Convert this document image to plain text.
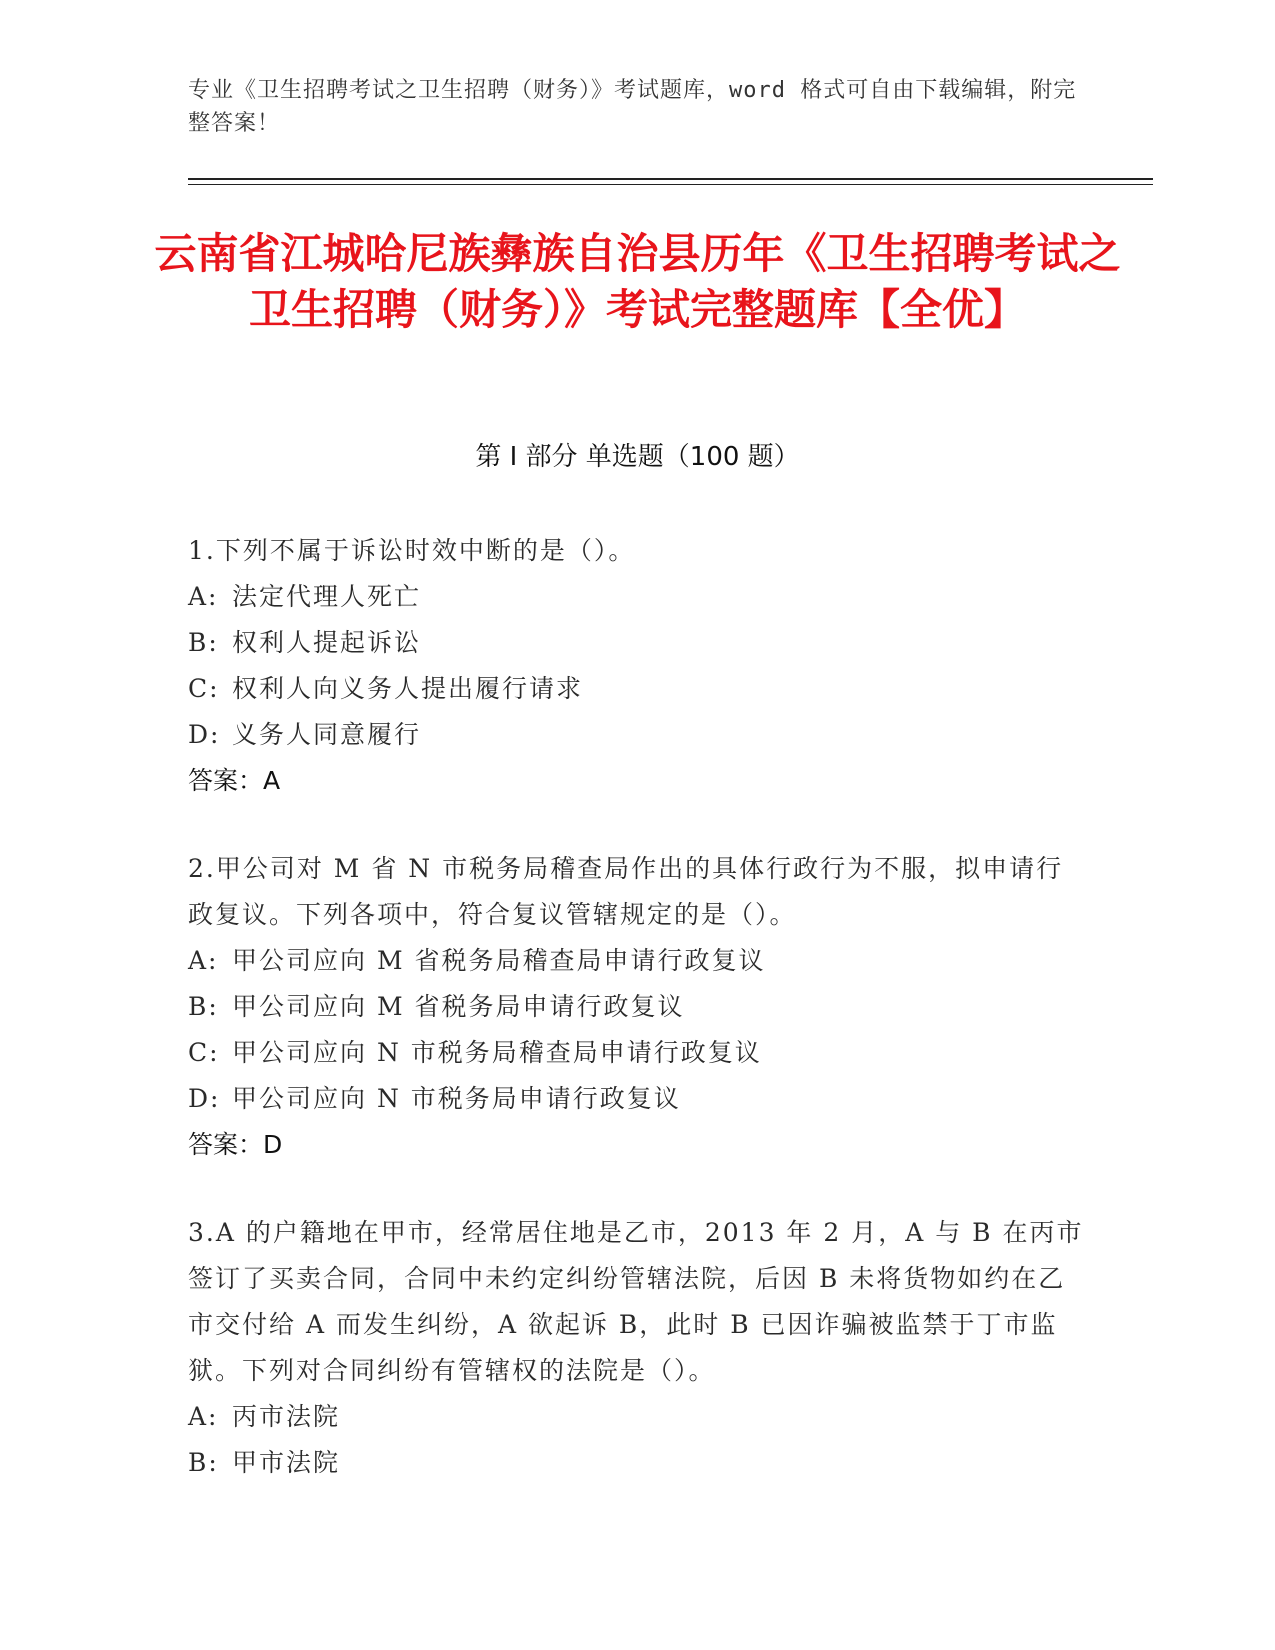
专业《卫生招聘考试之卫生招聘（财务）》考试题库，word 格式可自由下载编辑，附完整答案！
云南省江城哈尼族彝族自治县历年《卫生招聘考试之卫生招聘（财务）》考试完整题库【全优】
第 I 部分 单选题（100 题）
1.下列不属于诉讼时效中断的是（）。
A: 法定代理人死亡
B: 权利人提起诉讼
C: 权利人向义务人提出履行请求
D: 义务人同意履行
答案：A
2.甲公司对 M 省 N 市税务局稽查局作出的具体行政行为不服，拟申请行政复议。下列各项中，符合复议管辖规定的是（）。
A: 甲公司应向 M 省税务局稽查局申请行政复议
B: 甲公司应向 M 省税务局申请行政复议
C: 甲公司应向 N 市税务局稽查局申请行政复议
D: 甲公司应向 N 市税务局申请行政复议
答案：D
3.A 的户籍地在甲市，经常居住地是乙市，2013 年 2 月，A 与 B 在丙市签订了买卖合同，合同中未约定纠纷管辖法院，后因 B 未将货物如约在乙市交付给 A 而发生纠纷，A 欲起诉 B，此时 B 已因诈骗被监禁于丁市监狱。下列对合同纠纷有管辖权的法院是（）。
A: 丙市法院
B: 甲市法院
